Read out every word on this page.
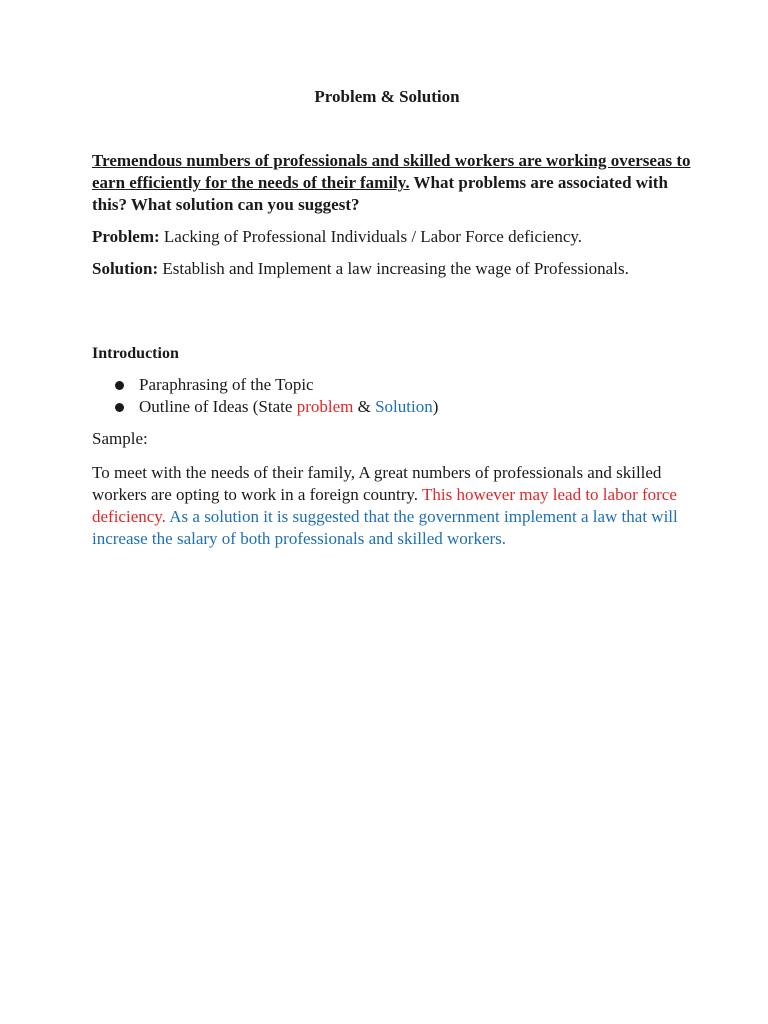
Problem & Solution
Tremendous numbers of professionals and skilled workers are working overseas to earn efficiently for the needs of their family. What problems are associated with this? What solution can you suggest?
Problem: Lacking of Professional Individuals / Labor Force deficiency.
Solution: Establish and Implement a law increasing the wage of Professionals.
Introduction
Paraphrasing of the Topic
Outline of Ideas (State problem & Solution)
Sample:
To meet with the needs of their family, A great numbers of professionals and skilled workers are opting to work in a foreign country. This however may lead to labor force deficiency. As a solution it is suggested that the government implement a law that will increase the salary of both professionals and skilled workers.
